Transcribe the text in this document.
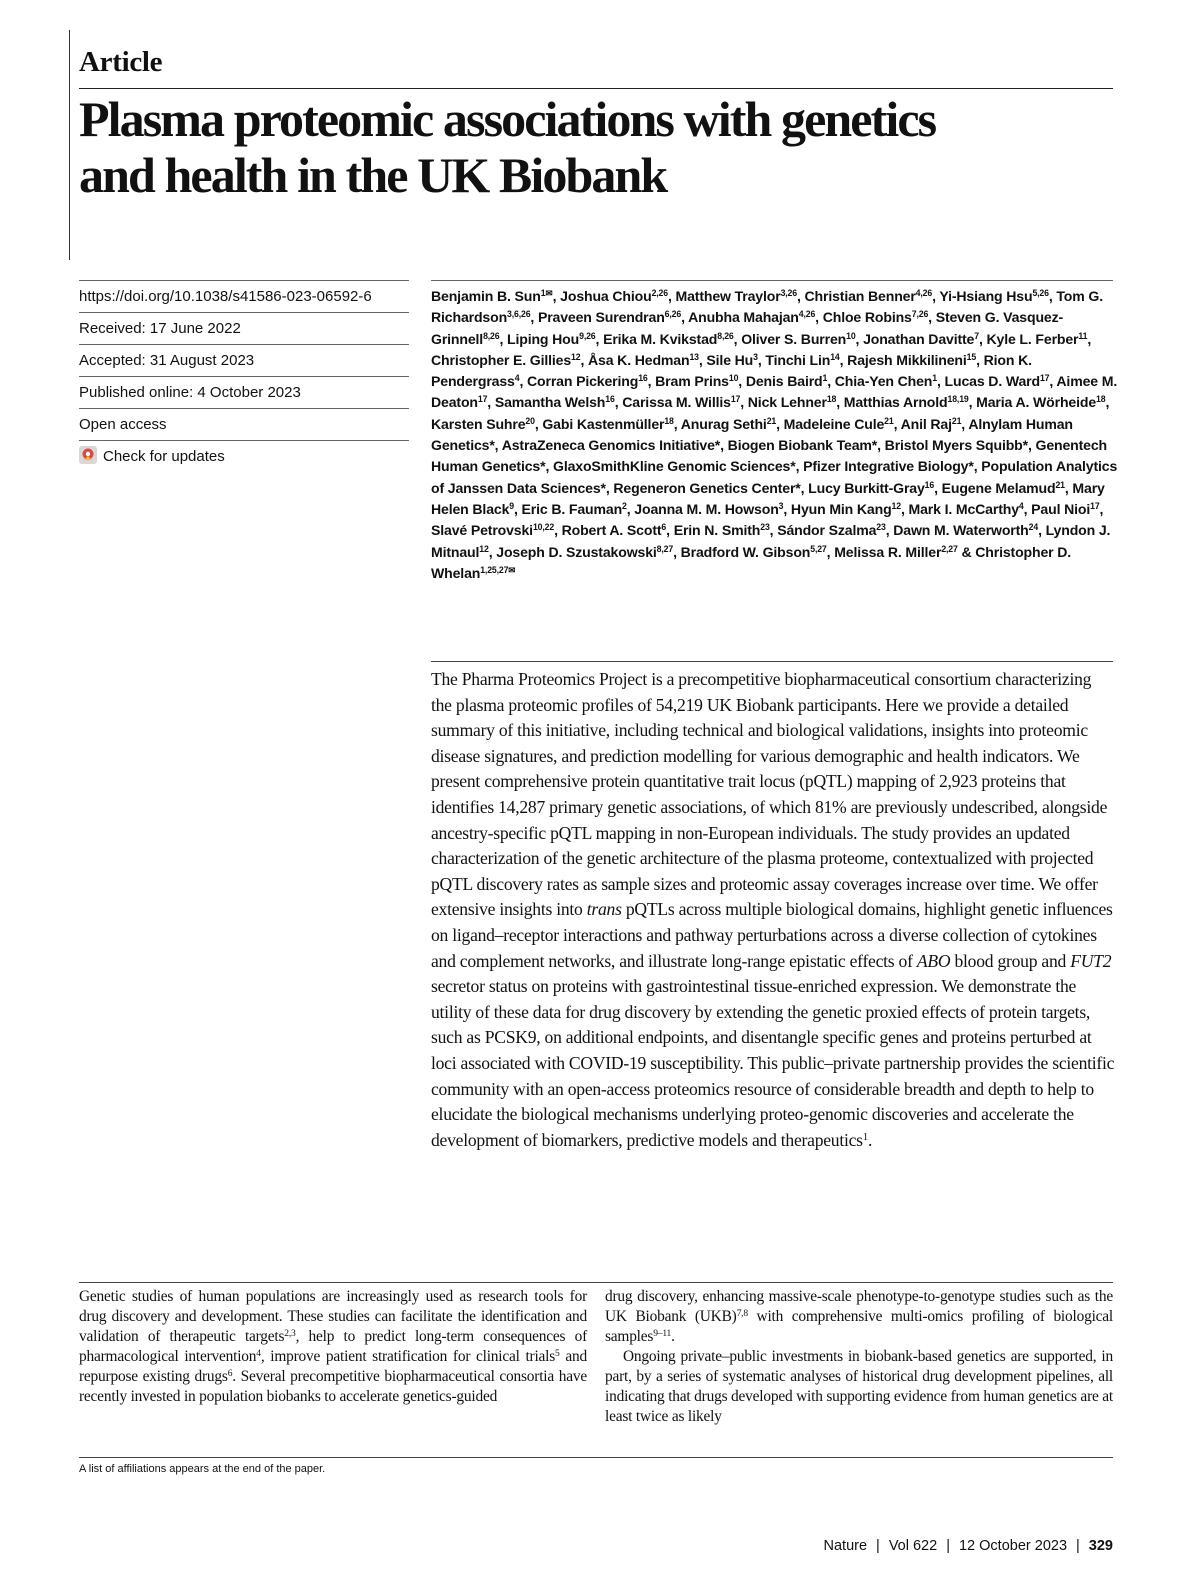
Article
Plasma proteomic associations with genetics
and health in the UK Biobank
https://doi.org/10.1038/s41586-023-06592-6
Received: 17 June 2022
Accepted: 31 August 2023
Published online: 4 October 2023
Open access
Check for updates

Benjamin B. Sun$^{1✉}$, Joshua Chiou$^{2,26}$, Matthew Traylor$^{3,26}$, Christian Benner$^{4,26}$, Yi-Hsiang Hsu$^{5,26}$, Tom G. Richardson$^{3,6,26}$, Praveen Surendran$^{6,26}$, Anubha Mahajan$^{4,26}$, Chloe Robins$^{7,26}$, Steven G. Vasquez-Grinnell$^{8,26}$, Liping Hou$^{9,26}$, Erika M. Kvikstad$^{8,26}$, Oliver S. Burren$^{10}$, Jonathan Davitte$^7$, Kyle L. Ferber$^{11}$, Christopher E. Gillies$^{12}$, Åsa K. Hedman$^{13}$, Sile Hu$^3$, Tinchi Lin$^{14}$, Rajesh Mikkilineni$^{15}$, Rion K. Pendergrass$^4$, Corran Pickering$^{16}$, Bram Prins$^{10}$, Denis Baird$^1$, Chia-Yen Chen$^1$, Lucas D. Ward$^{17}$, Aimee M. Deaton$^{17}$, Samantha Welsh$^{16}$, Carissa M. Willis$^{17}$, Nick Lehner$^{18}$, Matthias Arnold$^{18,19}$, Maria A. Wörheide$^{18}$, Karsten Suhre$^{20}$, Gabi Kastenmüller$^{18}$, Anurag Sethi$^{21}$, Madeleine Cule$^{21}$, Anil Raj$^{21}$, Alnylam Human Genetics*, AstraZeneca Genomics Initiative*, Biogen Biobank Team*, Bristol Myers Squibb*, Genentech Human Genetics*, GlaxoSmithKline Genomic Sciences*, Pfizer Integrative Biology*, Population Analytics of Janssen Data Sciences*, Regeneron Genetics Center*, Lucy Burkitt-Gray$^{16}$, Eugene Melamud$^{21}$, Mary Helen Black$^9$, Eric B. Fauman$^2$, Joanna M. M. Howson$^3$, Hyun Min Kang$^{12}$, Mark I. McCarthy$^4$, Paul Nioi$^{17}$, Slavé Petrovski$^{10,22}$, Robert A. Scott$^6$, Erin N. Smith$^{23}$, Sándor Szalma$^{23}$, Dawn M. Waterworth$^{24}$, Lyndon J. Mitnaul$^{12}$, Joseph D. Szustakowski$^{8,27}$, Bradford W. Gibson$^{5,27}$, Melissa R. Miller$^{2,27}$ & Christopher D. Whelan$^{1,25,27✉}$

The Pharma Proteomics Project is a precompetitive biopharmaceutical consortium characterizing the plasma proteomic profiles of 54,219 UK Biobank participants. Here we provide a detailed summary of this initiative, including technical and biological validations, insights into proteomic disease signatures, and prediction modelling for various demographic and health indicators. We present comprehensive protein quantitative trait locus (pQTL) mapping of 2,923 proteins that identifies 14,287 primary genetic associations, of which 81% are previously undescribed, alongside ancestry-specific pQTL mapping in non-European individuals. The study provides an updated characterization of the genetic architecture of the plasma proteome, contextualized with projected pQTL discovery rates as sample sizes and proteomic assay coverages increase over time. We offer extensive insights into trans pQTLs across multiple biological domains, highlight genetic influences on ligand–receptor interactions and pathway perturbations across a diverse collection of cytokines and complement networks, and illustrate long-range epistatic effects of ABO blood group and FUT2 secretor status on proteins with gastrointestinal tissue-enriched expression. We demonstrate the utility of these data for drug discovery by extending the genetic proxied effects of protein targets, such as PCSK9, on additional endpoints, and disentangle specific genes and proteins perturbed at loci associated with COVID-19 susceptibility. This public–private partnership provides the scientific community with an open-access proteomics resource of considerable breadth and depth to help to elucidate the biological mechanisms underlying proteo-genomic discoveries and accelerate the development of biomarkers, predictive models and therapeutics$^1$.

Genetic studies of human populations are increasingly used as research tools for drug discovery and development. These studies can facilitate the identification and validation of therapeutic targets$^{2,3}$, help to predict long-term consequences of pharmacological intervention$^4$, improve patient stratification for clinical trials$^5$ and repurpose existing drugs$^6$. Several precompetitive biopharmaceutical consortia have recently invested in population biobanks to accelerate genetics-guided

drug discovery, enhancing massive-scale phenotype-to-genotype studies such as the UK Biobank (UKB)$^{7,8}$ with comprehensive multi-omics profiling of biological samples$^{9-11}$.

Ongoing private–public investments in biobank-based genetics are supported, in part, by a series of systematic analyses of historical drug development pipelines, all indicating that drugs developed with supporting evidence from human genetics are at least twice as likely

A list of affiliations appears at the end of the paper.
Nature | Vol 622 | 12 October 2023 | 329
